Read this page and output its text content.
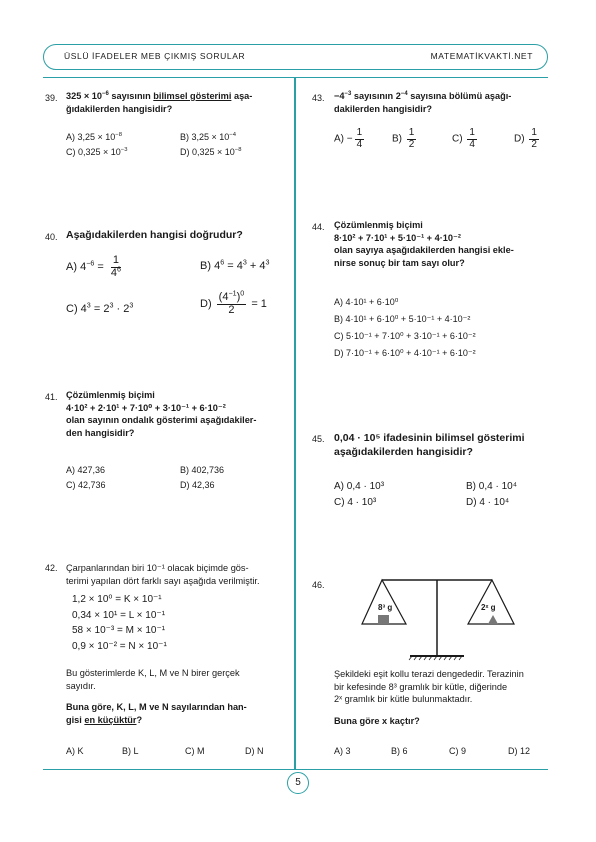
ÜSLÜ İFADELER MEB ÇIKMIŞ SORULAR	MATEMATİKVAKTİ.NET
39. $325 \times 10^{-6}$ sayısının bilimsel gösterimi aşa-
ğıdakilerden hangisidir?
A) $3,25 \times 10^{-8}$	B) $3,25 \times 10^{-4}$
C) $0,325 \times 10^{-3}$	D) $0,325 \times 10^{-8}$
40. Aşağıdakilerden hangisi doğrudur?
A) $4^{-6} = \frac{1}{4^6}$	B) $4^6 = 4^3 + 4^3$
C) $4^3 = 2^3 \cdot 2^3$	$D) \frac{(4^{-1})^0}{2} = 1$
41. Çözümlenmiş biçimi
4·10² + 2·10¹ + 7·10⁰ + 3·10⁻¹ + 6·10⁻²
olan sayının ondalık gösterimi aşağıdakiler-
den hangisidir?
A) 427,36	B) 402,736
C) 42,736	D) 42,36
42. Çarpanlarından biri 10⁻¹ olacak biçimde gös-
terimi yapılan dört farklı sayı aşağıda verilmiştir.
1,2 × 10⁰ = K × 10⁻¹
0,34 × 10¹ = L × 10⁻¹
58 × 10⁻³ = M × 10⁻¹
0,9 × 10⁻² = N × 10⁻¹
Bu gösterimlerde K, L, M ve N birer gerçek
sayıdır.
Buna göre, K, L, M ve N sayılarından han-
gisi en küçüktür?
A) K	B) L	C) M	D) N
43. $-4^{-3}$ sayısının $2^{-4}$ sayısına bölümü aşağı-
dakilerden hangisidir?
$A) - \frac{1}{4}$	$B) \frac{1}{2}$	$C) \frac{1}{4}$	$D) \frac{1}{2}$
44. Çözümlenmiş biçimi
8·10² + 7·10¹ + 5·10⁻¹ + 4·10⁻²
olan sayıya aşağıdakilerden hangisi ekle-
nirse sonuç bir tam sayı olur?
A) 4·10¹ + 6·10⁰
B) 4·10¹ + 6·10⁰ + 5·10⁻¹ + 4·10⁻²
C) 5·10⁻¹ + 7·10⁰ + 3·10⁻¹ + 6·10⁻²
D) 7·10⁻¹ + 6·10⁰ + 4·10⁻¹ + 6·10⁻²
45. 0,04 · 10⁵ ifadesinin bilimsel gösterimi
aşağıdakilerden hangisidir?
A) 0,4 · 10³	B) 0,4 · 10⁴
C) 4 · 10³	D) 4 · 10⁴
46.
8³ g	2ˣ g
Şekildeki eşit kollu terazi dengededir. Terazinin
bir kefesinde 8³ gramlık bir kütle, diğerinde
2ˣ gramlık bir kütle bulunmaktadır.
Buna göre x kaçtır?
A) 3	B) 6	C) 9	D) 12
5
